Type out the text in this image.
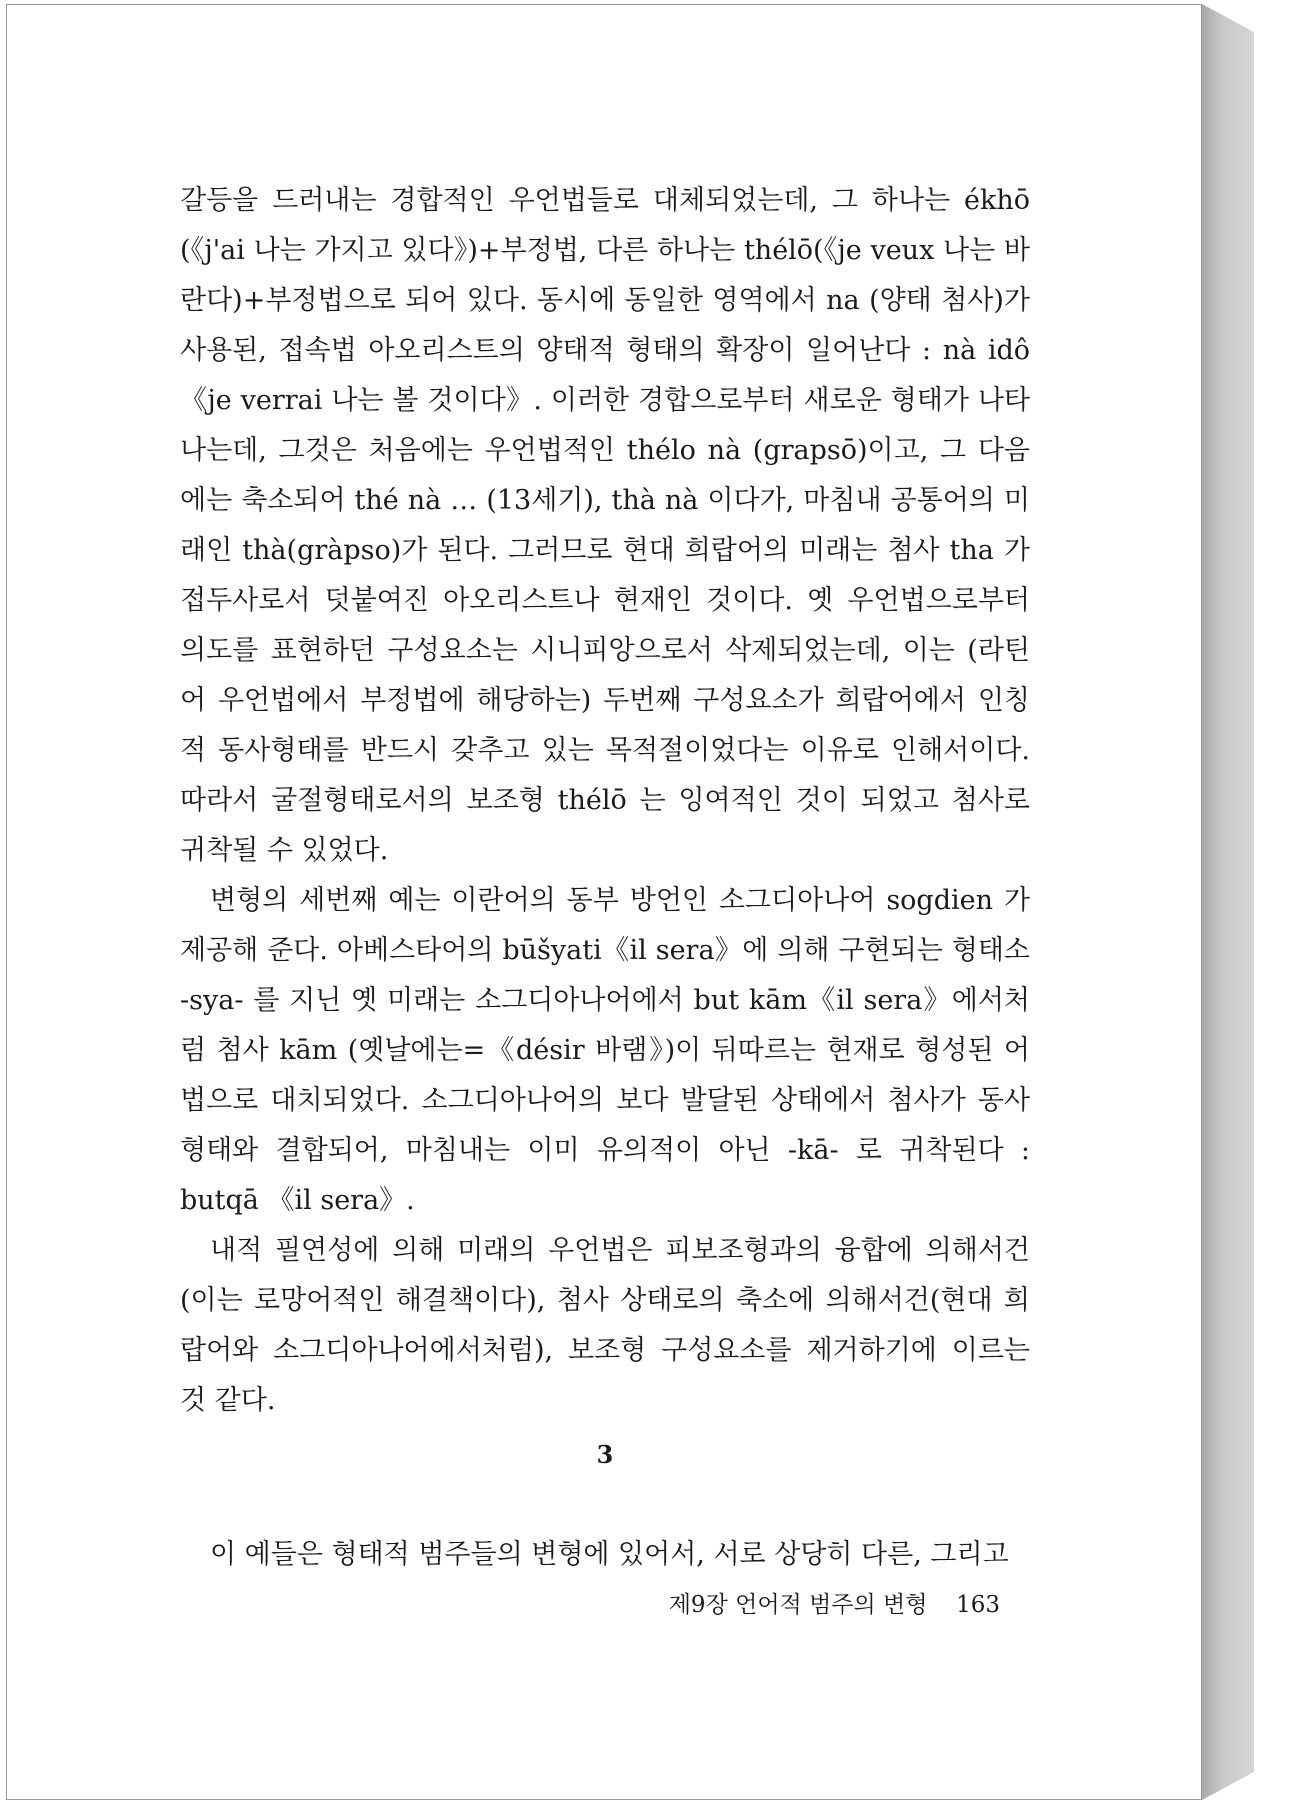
갈등을 드러내는 경합적인 우언법들로 대체되었는데, 그 하나는 ékhō (《j'ai 나는 가지고 있다》)+부정법, 다른 하나는 thélō(《je veux 나는 바란다)+부정법으로 되어 있다. 동시에 동일한 영역에서 na (양태 첨사)가 사용된, 접속법 아오리스트의 양태적 형태의 확장이 일어난다 : nà idô 《je verrai 나는 볼 것이다》. 이러한 경합으로부터 새로운 형태가 나타나는데, 그것은 처음에는 우언법적인 thélo nà (grapsō)이고, 그 다음에는 축소되어 thé nà … (13세기), thà nà 이다가, 마침내 공통어의 미래인 thà(gràpso)가 된다. 그러므로 현대 희랍어의 미래는 첨사 tha 가 접두사로서 덧붙여진 아오리스트나 현재인 것이다. 옛 우언법으로부터 의도를 표현하던 구성요소는 시니피앙으로서 삭제되었는데, 이는 (라틴어 우언법에서 부정법에 해당하는) 두번째 구성요소가 희랍어에서 인칭적 동사형태를 반드시 갖추고 있는 목적절이었다는 이유로 인해서이다. 따라서 굴절형태로서의 보조형 thélō 는 잉여적인 것이 되었고 첨사로 귀착될 수 있었다.

변형의 세번째 예는 이란어의 동부 방언인 소그디아나어 sogdien 가 제공해 준다. 아베스타어의 būšyati《il sera》에 의해 구현되는 형태소 -sya- 를 지닌 옛 미래는 소그디아나어에서 but kām《il sera》에서처럼 첨사 kām (옛날에는=《désir 바램》)이 뒤따르는 현재로 형성된 어법으로 대치되었다. 소그디아나어의 보다 발달된 상태에서 첨사가 동사형태와 결합되어, 마침내는 이미 유의적이 아닌 -kā- 로 귀착된다 : butqā 《il sera》.

내적 필연성에 의해 미래의 우언법은 피보조형과의 융합에 의해서건 (이는 로망어적인 해결책이다), 첨사 상태로의 축소에 의해서건(현대 희랍어와 소그디아나어에서처럼), 보조형 구성요소를 제거하기에 이르는 것 같다.

3

이 예들은 형태적 범주들의 변형에 있어서, 서로 상당히 다른, 그리고

제9장 언어적 범주의 변형 163
